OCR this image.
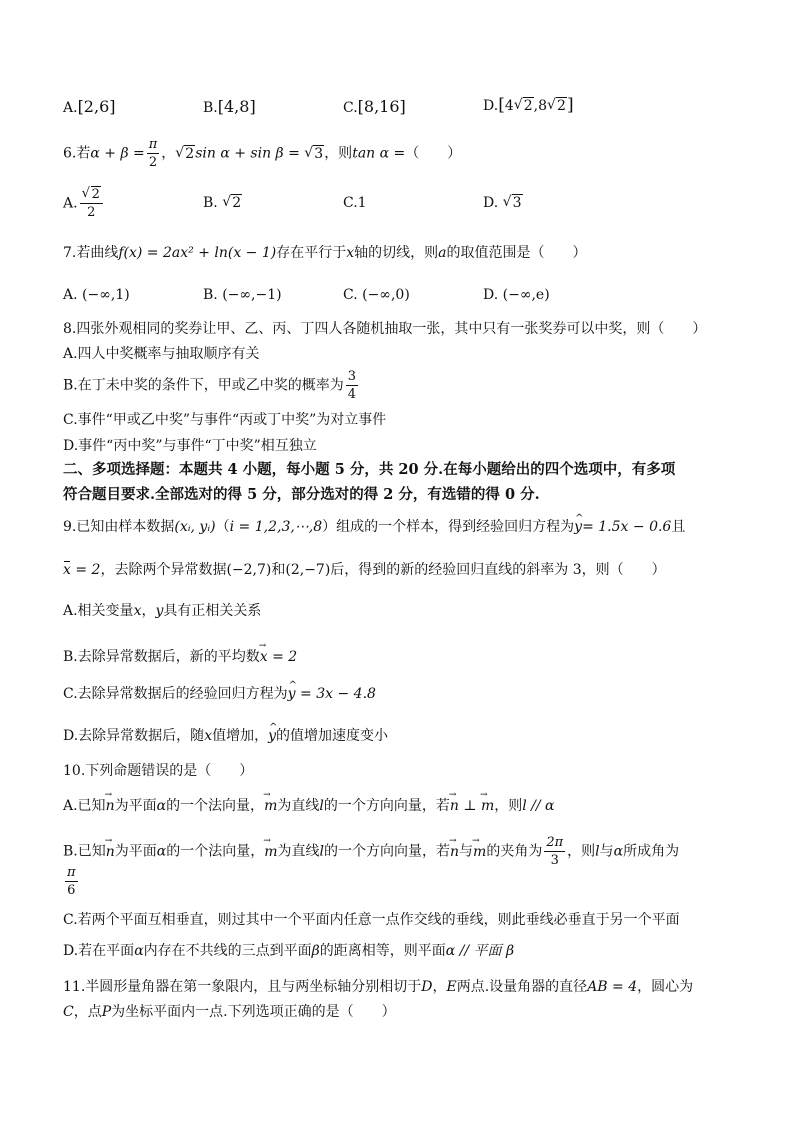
A.[2,6]	B.[4,8]	C.[8,16]	D.[4 √ 2,8 √ 2]
6.若$\alpha + \beta = \frac{\pi}{2}$ ， √ 2sin α + sin β = √ 3，则tan α =（　　）
A. √ $\frac{2}{2}$	B. √ 2	C.1	D. √ 3
7.若曲线f(x) = 2ax² + ln(x − 1)存在平行于x轴的切线，则a的取值范围是（　　）
A. (−∞,1)	B. (−∞,−1)	C. (−∞,0)	D. (−∞,e)
8.四张外观相同的奖券让甲、乙、丙、丁四人各随机抽取一张，其中只有一张奖券可以中奖，则（　　）
A.四人中奖概率与抽取顺序有关
B.在丁未中奖的条件下，甲或乙中奖的概率为 $\frac{3}{4}$
C.事件“甲或乙中奖”与事件“丙或丁中奖”为对立事件
D.事件“丙中奖”与事件“丁中奖”相互独立
二、多项选择题：本题共 4 小题，每小题 5 分，共 20 分.在每小题给出的四个选项中，有多项
符合题目要求.全部选对的得 5 分，部分选对的得 2 分，有选错的得 0 分.
9.已知由样本数据(xᵢ, yᵢ)（i = 1,2,3,⋯,8）组成的一个样本，得到经验回归方程为^ y= 1.5x − 0.6且
x = 2，去除两个异常数据(−2,7)和(2,−7)后，得到的新的经验回归直线的斜率为 3，则（　　）
A.相关变量x，y具有正相关关系
B.去除异常数据后，新的平均数→ x = 2
C.去除异常数据后的经验回归方程为^ y = 3x − 4.8
D.去除异常数据后，随x值增加，^ y的值增加速度变小
10.下列命题错误的是（　　）
A.已知→ n为平面α的一个法向量，→ m为直线l的一个方向向量，若→ n ⊥ → m，则l // α
B.已知→ n为平面α的一个法向量，→ m为直线l的一个方向向量，若→ n与→ m的夹角为 $\frac{2\pi}{3}$ ，则l与α所成角为
$\frac{\pi}{6}$
C.若两个平面互相垂直，则过其中一个平面内任意一点作交线的垂线，则此垂线必垂直于另一个平面
D.若在平面α内存在不共线的三点到平面β的距离相等，则平面α // 平面 β
11.半圆形量角器在第一象限内，且与两坐标轴分别相切于D，E两点.设量角器的直径AB = 4，圆心为
C，点P为坐标平面内一点.下列选项正确的是（　　）
